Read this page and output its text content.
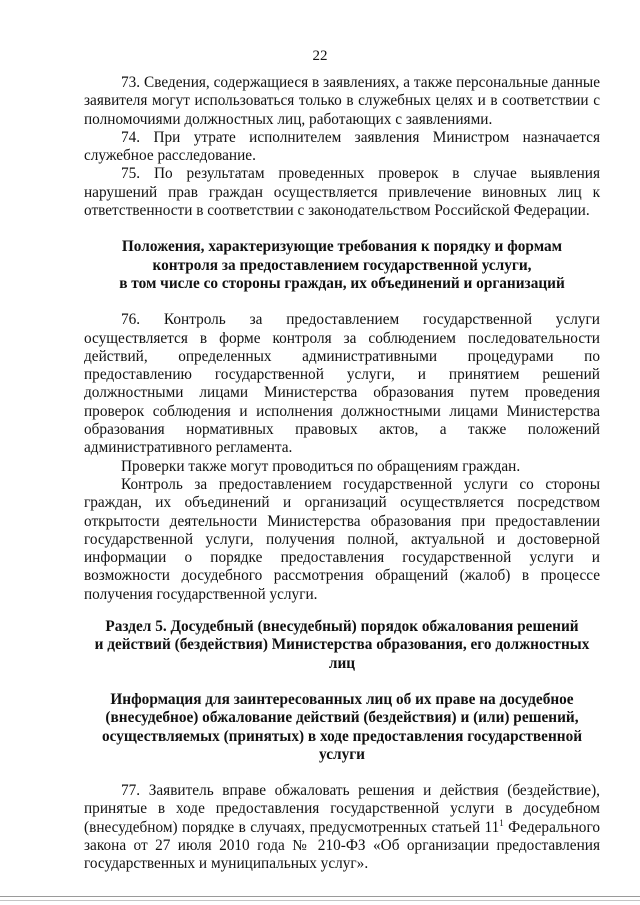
22

73. Сведения, содержащиеся в заявлениях, а также персональные данные заявителя могут использоваться только в служебных целях и в соответствии с полномочиями должностных лиц, работающих с заявлениями.

74. При утрате исполнителем заявления Министром назначается служебное расследование.

75. По результатам проведенных проверок в случае выявления нарушений прав граждан осуществляется привлечение виновных лиц к ответственности в соответствии с законодательством Российской Федерации.

Положения, характеризующие требования к порядку и формам

контроля за предоставлением государственной услуги,

в том числе со стороны граждан, их объединений и организаций

76. Контроль за предоставлением государственной услуги осуществляется в форме контроля за соблюдением последовательности действий, определенных административными процедурами по предоставлению государственной услуги, и принятием решений должностными лицами Министерства образования путем проведения проверок соблюдения и исполнения должностными лицами Министерства образования нормативных правовых актов, а также положений административного регламента.

Проверки также могут проводиться по обращениям граждан.

Контроль за предоставлением государственной услуги со стороны граждан, их объединений и организаций осуществляется посредством открытости деятельности Министерства образования при предоставлении государственной услуги, получения полной, актуальной и достоверной информации о порядке предоставления государственной услуги и возможности досудебного рассмотрения обращений (жалоб) в процессе получения государственной услуги.

Раздел 5. Досудебный (внесудебный) порядок обжалования решений

и действий (бездействия) Министерства образования, его должностных лиц

Информация для заинтересованных лиц об их праве на досудебное

(внесудебное) обжалование действий (бездействия) и (или) решений,

осуществляемых (принятых) в ходе предоставления государственной услуги

77. Заявитель вправе обжаловать решения и действия (бездействие), принятые в ходе предоставления государственной услуги в досудебном (внесудебном) порядке в случаях, предусмотренных статьей $11^1$ Федерального закона от 27 июля 2010 года № 210-ФЗ «Об организации предоставления государственных и муниципальных услуг».
